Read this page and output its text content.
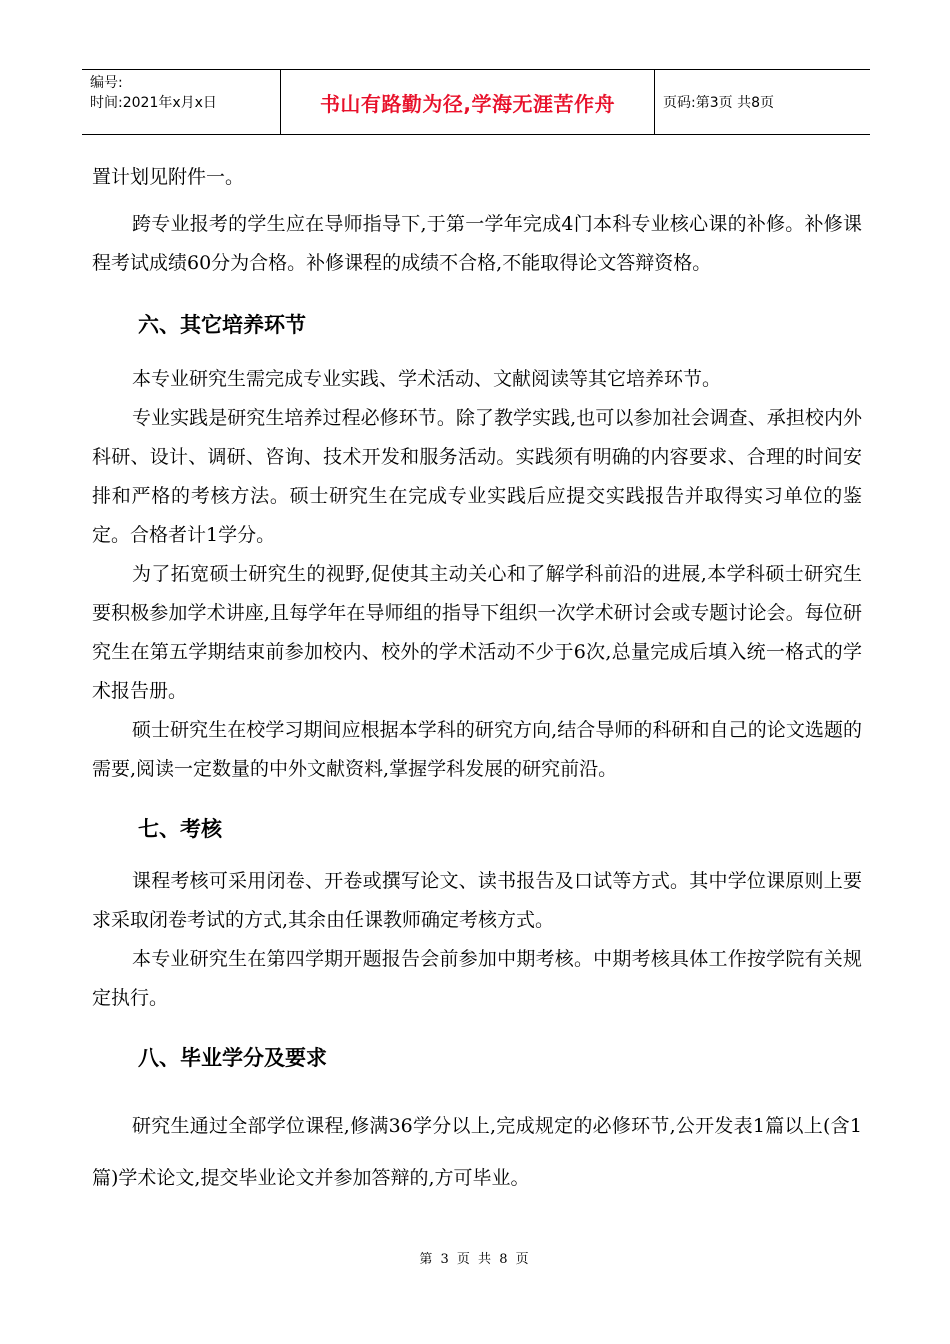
编号:
时间:2021年x月x日	书山有路勤为径,学海无涯苦作舟	页码:第3页 共8页

置计划见附件一。

跨专业报考的学生应在导师指导下,于第一学年完成4门本科专业核心课的补修。补修课程考试成绩60分为合格。补修课程的成绩不合格,不能取得论文答辩资格。

六、其它培养环节

本专业研究生需完成专业实践、学术活动、文献阅读等其它培养环节。

专业实践是研究生培养过程必修环节。除了教学实践,也可以参加社会调查、承担校内外科研、设计、调研、咨询、技术开发和服务活动。实践须有明确的内容要求、合理的时间安排和严格的考核方法。硕士研究生在完成专业实践后应提交实践报告并取得实习单位的鉴定。合格者计1学分。

为了拓宽硕士研究生的视野,促使其主动关心和了解学科前沿的进展,本学科硕士研究生要积极参加学术讲座,且每学年在导师组的指导下组织一次学术研讨会或专题讨论会。每位研究生在第五学期结束前参加校内、校外的学术活动不少于6次,总量完成后填入统一格式的学术报告册。

硕士研究生在校学习期间应根据本学科的研究方向,结合导师的科研和自己的论文选题的需要,阅读一定数量的中外文献资料,掌握学科发展的研究前沿。

七、考核

课程考核可采用闭卷、开卷或撰写论文、读书报告及口试等方式。其中学位课原则上要求采取闭卷考试的方式,其余由任课教师确定考核方式。

本专业研究生在第四学期开题报告会前参加中期考核。中期考核具体工作按学院有关规定执行。

八、毕业学分及要求

研究生通过全部学位课程,修满36学分以上,完成规定的必修环节,公开发表1篇以上(含1篇)学术论文,提交毕业论文并参加答辩的,方可毕业。

第 3 页 共 8 页
